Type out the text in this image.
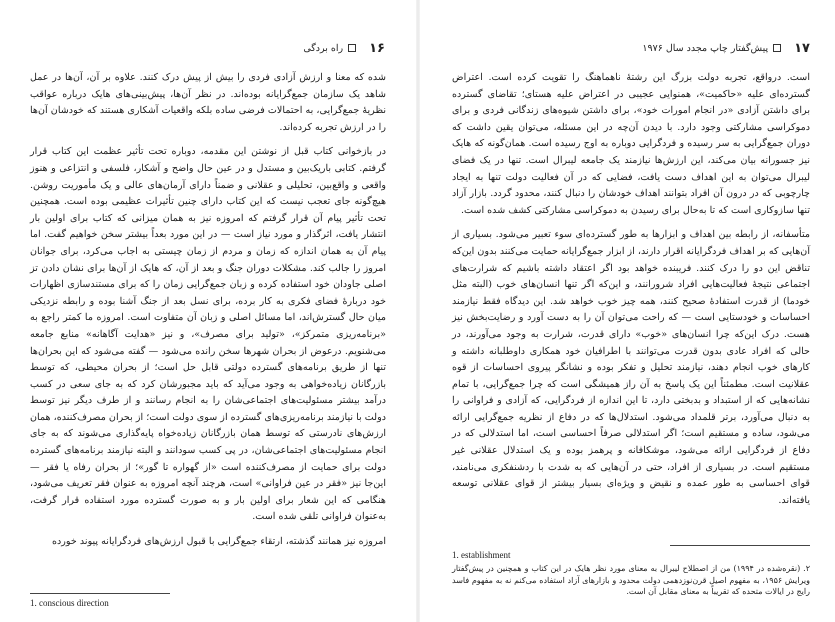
۱۷
پیش‌گفتار چاپ مجدد سال ۱۹۷۶

است. درواقع، تجربه دولت بزرگ این رشتهٔ ناهماهنگ را تقویت کرده است. اعتراض گسترده‌ای علیه «حاکمیت»، همنوایی عجیبی در اعتراض علیه هستای؛ تقاضای گسترده برای داشتن آزادی «در انجام امورات خود»، برای داشتن شیوه‌های زندگانی فردی و برای دموکراسی مشارکتی وجود دارد. با دیدن آن‌چه در این مسئله، می‌توان یقین داشت که دوران جمع‌گرایی به سر رسیده و فردگرایی دوباره به اوج رسیده است. همان‌گونه که هایک نیز جسورانه بیان می‌کند، این ارزش‌ها نیازمند یک جامعه لیبرال است. تنها در یک فضای لیبرال می‌توان به این اهداف دست یافت، فضایی که در آن فعالیت دولت تنها به ایجاد چارچوبی که در درون آن افراد بتوانند اهداف خودشان را دنبال کنند، محدود گردد. بازار آزاد تنها سازوکاری است که تا به‌حال برای رسیدن به دموکراسی مشارکتی کشف شده است.

متأسفانه، از رابطه بین اهداف و ابزارها به طور گسترده‌ای سوء تعبیر می‌شود. بسیاری از آن‌هایی که بر اهداف فردگرایانه اقرار دارند، از ابزار جمع‌گرایانه حمایت می‌کنند بدون این‌که تناقض این دو را درک کنند. فریبنده خواهد بود اگر اعتقاد داشته باشیم که شرارت‌های اجتماعی نتیجهٔ فعالیت‌هایی افراد شرورانند، و این‌که اگر تنها انسان‌های خوب (البته مثل خودما) از قدرت استفادهٔ صحیح کنند، همه چیز خوب خواهد شد. این دیدگاه فقط نیازمند احساسات و خودستایی است — که راحت می‌توان آن را به دست آورد و رضایت‌بخش نیز هست. درک این‌که چرا انسان‌های «خوب» دارای قدرت، شرارت به وجود می‌آورند، در حالی که افراد عادی بدون قدرت می‌توانند با اطرافیان خود همکاری داوطلبانه داشته و کارهای خوب انجام دهند، نیازمند تحلیل و تفکر بوده و نشانگر پیروی احساسات از قوه عقلانیت است. مطمئناً این یک پاسخ به آن راز همیشگی است که چرا جمع‌گرایی، با تمام نشانه‌هایی که از استبداد و بدبختی دارد، تا این اندازه از فردگرایی، که آزادی و فراوانی را به دنبال می‌آورد، برتر قلمداد می‌شود. استدلال‌ها که در دفاع از نظریه جمع‌گرایی ارائه می‌شود، ساده و مستقیم است؛ اگر استدلالی صرفاً احساسی است، اما استدلالی که در دفاع از فردگرایی ارائه می‌شود، موشکافانه و پرهمز بوده و یک استدلال عقلانی غیر مستقیم است. در بسیاری از افراد، حتی در آن‌هایی که به شدت با ردشنفکری می‌نامند، قوای احساسی به طور عمده و نقیض و ویژه‌ای بسیار بیشتر از قوای عقلانی توسعه یافته‌اند.

1. establishment
۲. (نقره‌شده در ۱۹۹۴) من از اصطلاح لیبرال به معنای مورد نظر هایک در این کتاب و همچنین در پیش‌گفتار ویرایش ۱۹۵۶، به مفهوم اصیل قرن‌نوزدهمی دولت محدود و بازارهای آزاد استفاده می‌کنم نه به مفهوم فاسد رایج در ایالات متحده که تقریباً به معنای مقابل آن است.
۱۶
راه بردگی

شده که معنا و ارزش آزادی فردی را بیش از پیش درک کنند. علاوه بر آن، آن‌ها در عمل شاهد یک سازمان جمع‌گرایانه بوده‌اند. در نظر آن‌ها، پیش‌بینی‌های هایک درباره عواقب نظریهٔ جمع‌گرایی، به احتمالات فرضی ساده بلکه واقعیات آشکاری هستند که خودشان آن‌ها را در ارزش تجربه کرده‌اند.

در بازخوانی کتاب قبل از نوشتن این مقدمه، دوباره تحت تأثیر عظمت این کتاب قرار گرفتم. کتابی باریک‌بین و مستدل و در عین حال واضح و آشکار، فلسفی و انتزاعی و هنوز واقعی و واقع‌بین، تحلیلی و عقلانی و ضمناً دارای آرمان‌های عالی و یک مأموریت روشن. هیچ‌گونه جای تعجب نیست که این کتاب دارای چنین تأثیرات عظیمی بوده است. همچنین تحت تأثیر پیام آن قرار گرفتم که امروزه نیز به همان میزانی که کتاب برای اولین بار انتشار یافت، اثرگذار و مورد نیاز است — در این مورد بعداً بیشتر سخن خواهیم گفت. اما پیام آن به همان اندازه که زمان و مردم از زمان چیستی به اجاب می‌کرد، برای جوانان امروز را جالب کند. مشکلات دوران جنگ و بعد از آن، که هایک از آن‌ها برای نشان دادن تز اصلی جاودان خود استفاده کرده و زبان جمع‌گرایی زمان را که برای مستندسازی اظهارات خود دربارهٔ فضای فکری به کار برده، برای نسل بعد از جنگ آشنا بوده و رابطه نزدیکی میان حال گسترش‌اند، اما مسائل اصلی و زبان آن متفاوت است. امروزه ما کمتر راجع به «برنامه‌ریزی متمرکز»، «تولید برای مصرف»، و نیز «هدایت آگاهانه» منابع جامعه می‌شنویم. درعوض از بحران شهرها سخن رانده می‌شود — گفته می‌شود که این بحران‌ها تنها از طریق برنامه‌های گسترده دولتی قابل حل است؛ از بحران محیطی، که توسط بازرگانان زیاده‌خواهی به وجود می‌آید که باید مجبورشان کرد که به جای سعی در کسب درآمد بیشتر مسئولیت‌های اجتماعی‌شان را به انجام رسانند و از طرف دیگر نیز توسط دولت با نیازمند برنامه‌ریزی‌های گسترده از سوی دولت است؛ از بحران مصرف‌کننده، همان ارزش‌های نادرستی که توسط همان بازرگانان زیاده‌خواه پایه‌گذاری می‌شوند که به جای انجام مسئولیت‌های اجتماعی‌شان، در پی کسب سودانند و البته نیازمند برنامه‌های گسترده دولت برای حمایت از مصرف‌کننده است «از گهواره تا گور»؛ از بحران رفاه یا فقر — این‌جا نیز «فقر در عین فراوانی» است، هرچند آنچه امروزه به عنوان فقر تعریف می‌شود، هنگامی که این شعار برای اولین بار و به صورت گسترده مورد استفاده قرار گرفت، به‌عنوان فراوانی تلقی شده است.

امروزه نیز همانند گذشته، ارتقاء جمع‌گرایی با قبول ارزش‌های فردگرایانه پیوند خورده

1. conscious direction
